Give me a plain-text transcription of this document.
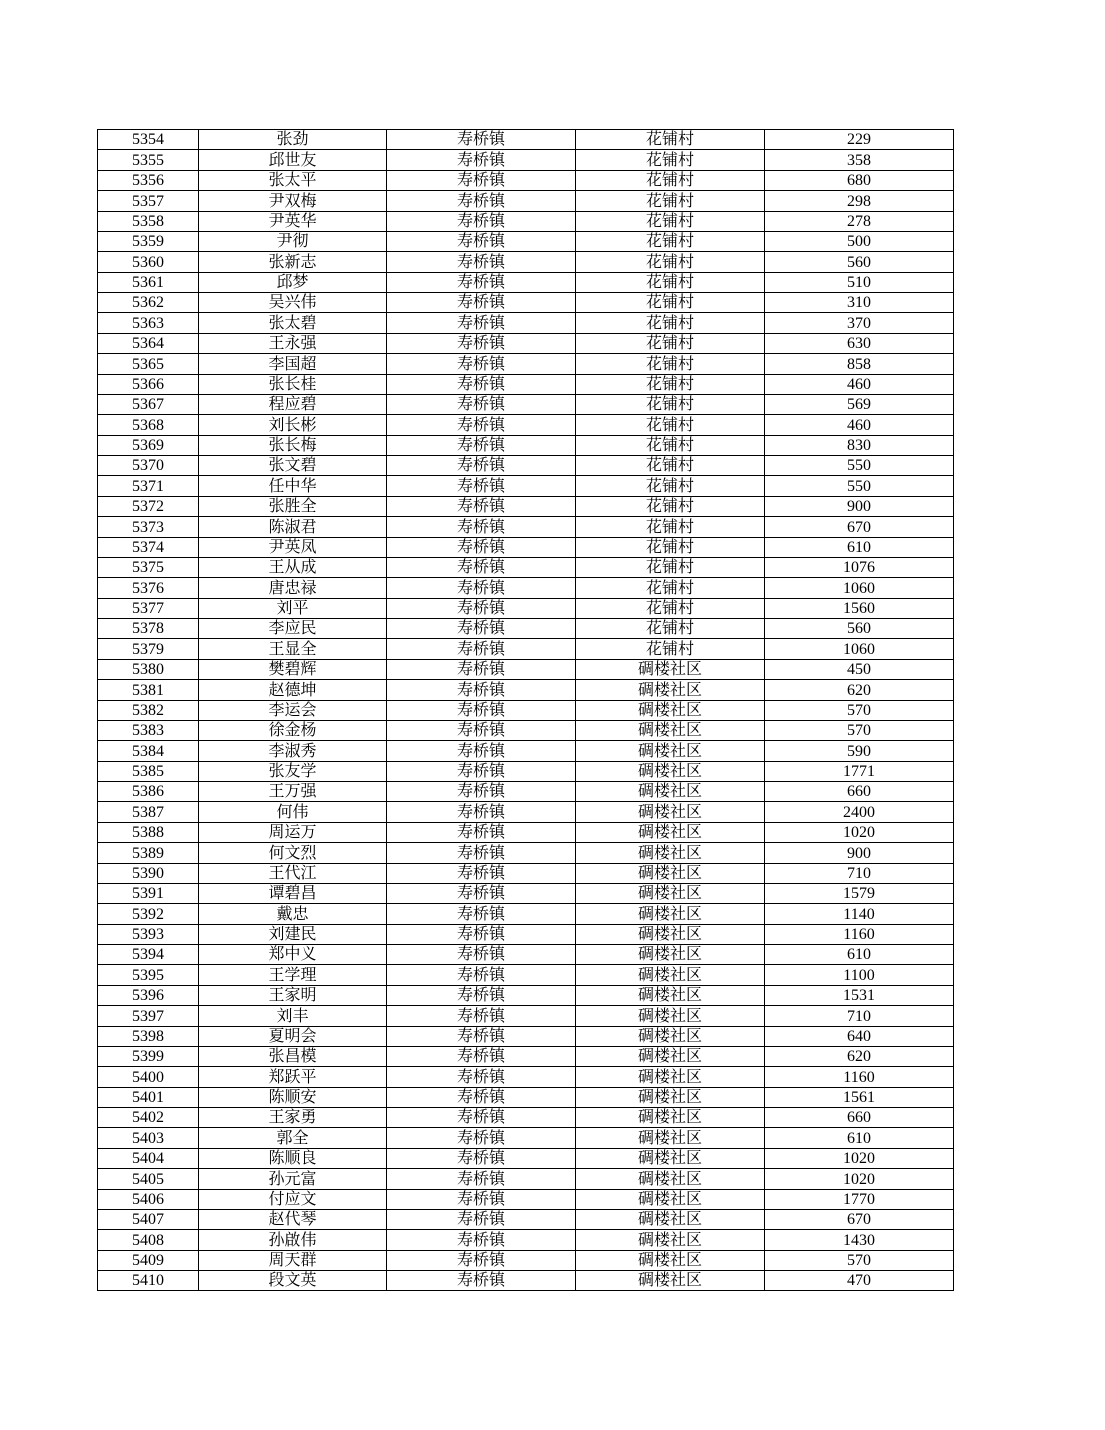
5354	张劲	寿桥镇	花铺村	229
5355	邱世友	寿桥镇	花铺村	358
5356	张太平	寿桥镇	花铺村	680
5357	尹双梅	寿桥镇	花铺村	298
5358	尹英华	寿桥镇	花铺村	278
5359	尹彻	寿桥镇	花铺村	500
5360	张新志	寿桥镇	花铺村	560
5361	邱梦	寿桥镇	花铺村	510
5362	吴兴伟	寿桥镇	花铺村	310
5363	张太碧	寿桥镇	花铺村	370
5364	王永强	寿桥镇	花铺村	630
5365	李国超	寿桥镇	花铺村	858
5366	张长桂	寿桥镇	花铺村	460
5367	程应碧	寿桥镇	花铺村	569
5368	刘长彬	寿桥镇	花铺村	460
5369	张长梅	寿桥镇	花铺村	830
5370	张文碧	寿桥镇	花铺村	550
5371	任中华	寿桥镇	花铺村	550
5372	张胜全	寿桥镇	花铺村	900
5373	陈淑君	寿桥镇	花铺村	670
5374	尹英凤	寿桥镇	花铺村	610
5375	王从成	寿桥镇	花铺村	1076
5376	唐忠禄	寿桥镇	花铺村	1060
5377	刘平	寿桥镇	花铺村	1560
5378	李应民	寿桥镇	花铺村	560
5379	王显全	寿桥镇	花铺村	1060
5380	樊碧辉	寿桥镇	碉楼社区	450
5381	赵德坤	寿桥镇	碉楼社区	620
5382	李运会	寿桥镇	碉楼社区	570
5383	徐金杨	寿桥镇	碉楼社区	570
5384	李淑秀	寿桥镇	碉楼社区	590
5385	张友学	寿桥镇	碉楼社区	1771
5386	王万强	寿桥镇	碉楼社区	660
5387	何伟	寿桥镇	碉楼社区	2400
5388	周运万	寿桥镇	碉楼社区	1020
5389	何文烈	寿桥镇	碉楼社区	900
5390	王代江	寿桥镇	碉楼社区	710
5391	谭碧昌	寿桥镇	碉楼社区	1579
5392	戴忠	寿桥镇	碉楼社区	1140
5393	刘建民	寿桥镇	碉楼社区	1160
5394	郑中义	寿桥镇	碉楼社区	610
5395	王学理	寿桥镇	碉楼社区	1100
5396	王家明	寿桥镇	碉楼社区	1531
5397	刘丰	寿桥镇	碉楼社区	710
5398	夏明会	寿桥镇	碉楼社区	640
5399	张昌模	寿桥镇	碉楼社区	620
5400	郑跃平	寿桥镇	碉楼社区	1160
5401	陈顺安	寿桥镇	碉楼社区	1561
5402	王家勇	寿桥镇	碉楼社区	660
5403	郭全	寿桥镇	碉楼社区	610
5404	陈顺良	寿桥镇	碉楼社区	1020
5405	孙元富	寿桥镇	碉楼社区	1020
5406	付应文	寿桥镇	碉楼社区	1770
5407	赵代琴	寿桥镇	碉楼社区	670
5408	孙啟伟	寿桥镇	碉楼社区	1430
5409	周天群	寿桥镇	碉楼社区	570
5410	段文英	寿桥镇	碉楼社区	470
